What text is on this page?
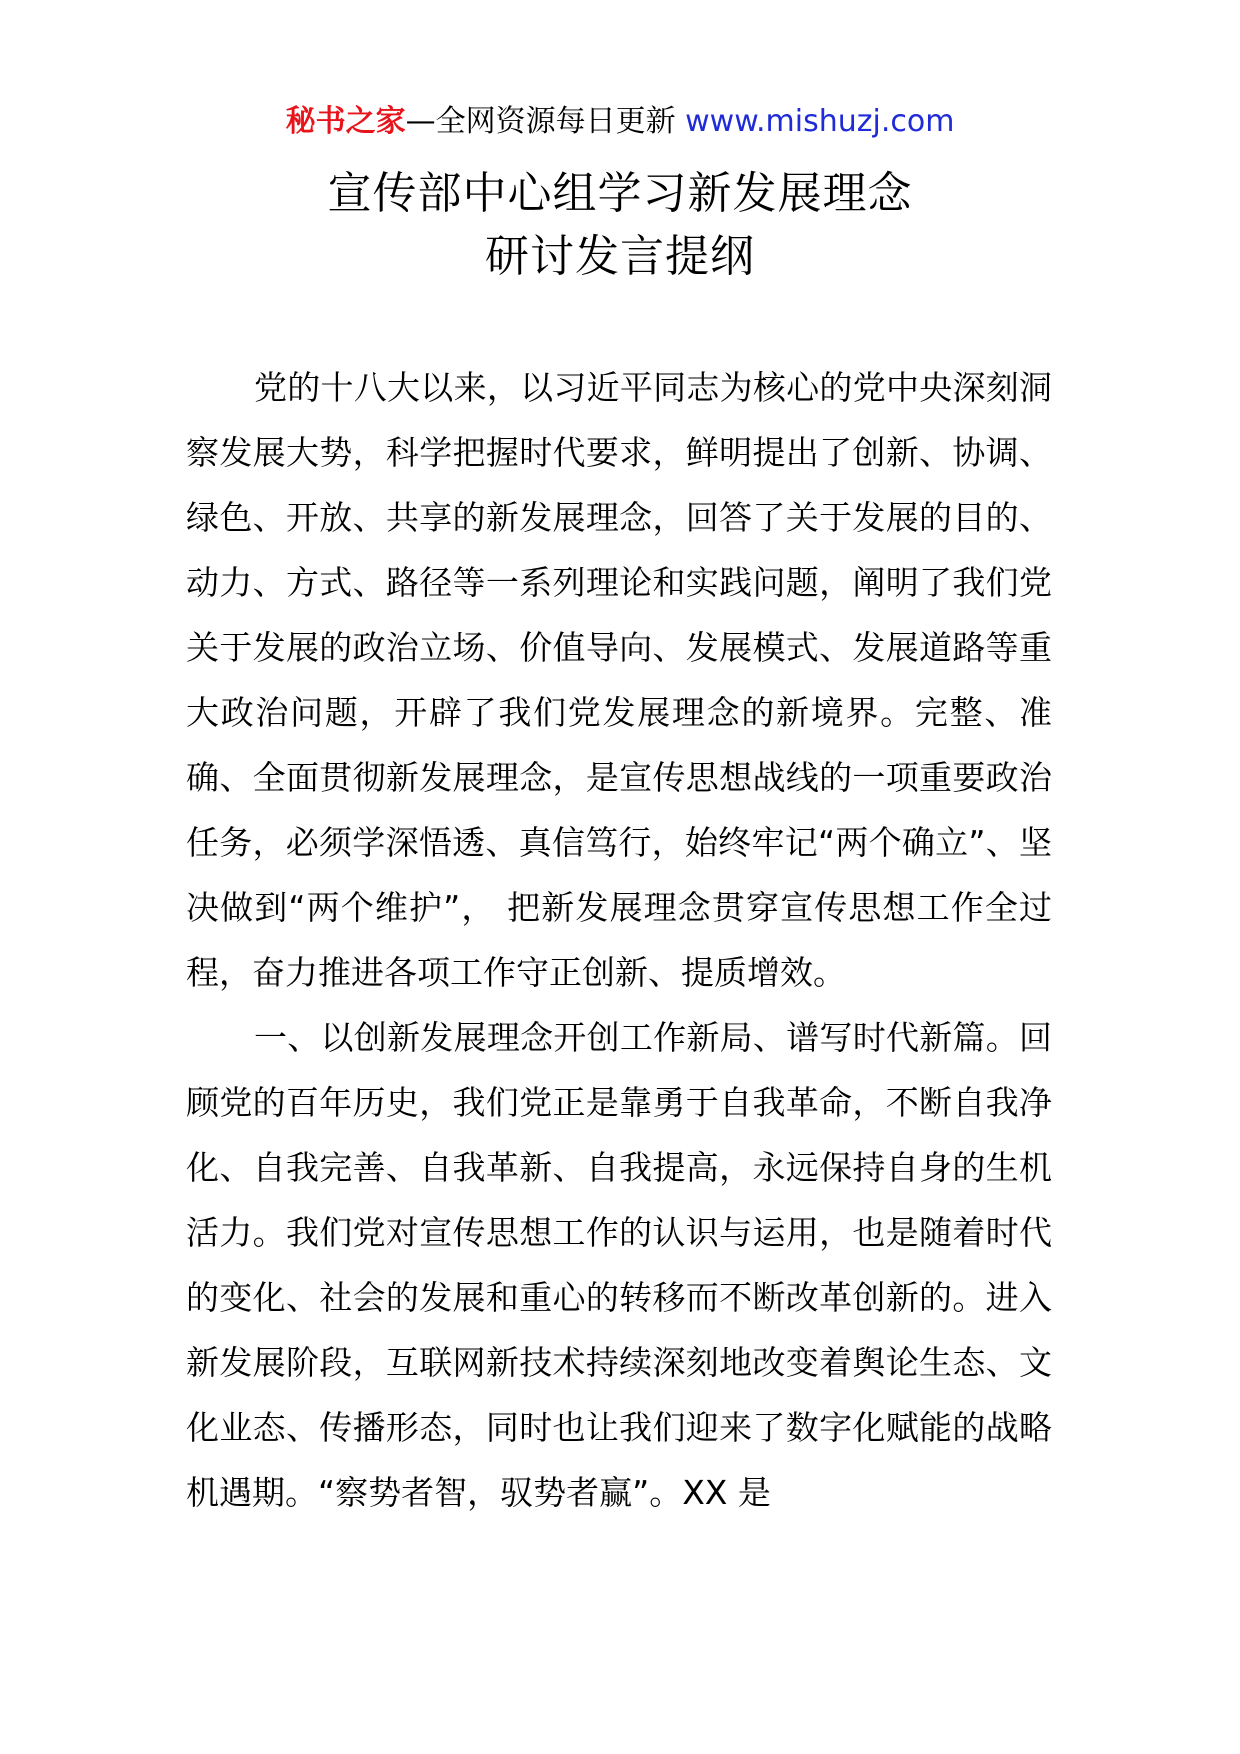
秘书之家—全网资源每日更新 www.mishuzj.com
宣传部中心组学习新发展理念
研讨发言提纲

党的十八大以来，以习近平同志为核心的党中央深刻洞察发展大势，科学把握时代要求，鲜明提出了创新、协调、绿色、开放、共享的新发展理念，回答了关于发展的目的、动力、方式、路径等一系列理论和实践问题，阐明了我们党关于发展的政治立场、价值导向、发展模式、发展道路等重大政治问题，开辟了我们党发展理念的新境界。完整、准确、全面贯彻新发展理念，是宣传思想战线的一项重要政治任务，必须学深悟透、真信笃行，始终牢记“两个确立”、坚决做到“两个维护”， 把新发展理念贯穿宣传思想工作全过程，奋力推进各项工作守正创新、提质增效。

一、以创新发展理念开创工作新局、谱写时代新篇。回顾党的百年历史，我们党正是靠勇于自我革命，不断自我净化、自我完善、自我革新、自我提高，永远保持自身的生机活力。我们党对宣传思想工作的认识与运用，也是随着时代的变化、社会的发展和重心的转移而不断改革创新的。进入新发展阶段，互联网新技术持续深刻地改变着舆论生态、文化业态、传播形态，同时也让我们迎来了数字化赋能的战略机遇期。“察势者智，驭势者赢”。XX 是
